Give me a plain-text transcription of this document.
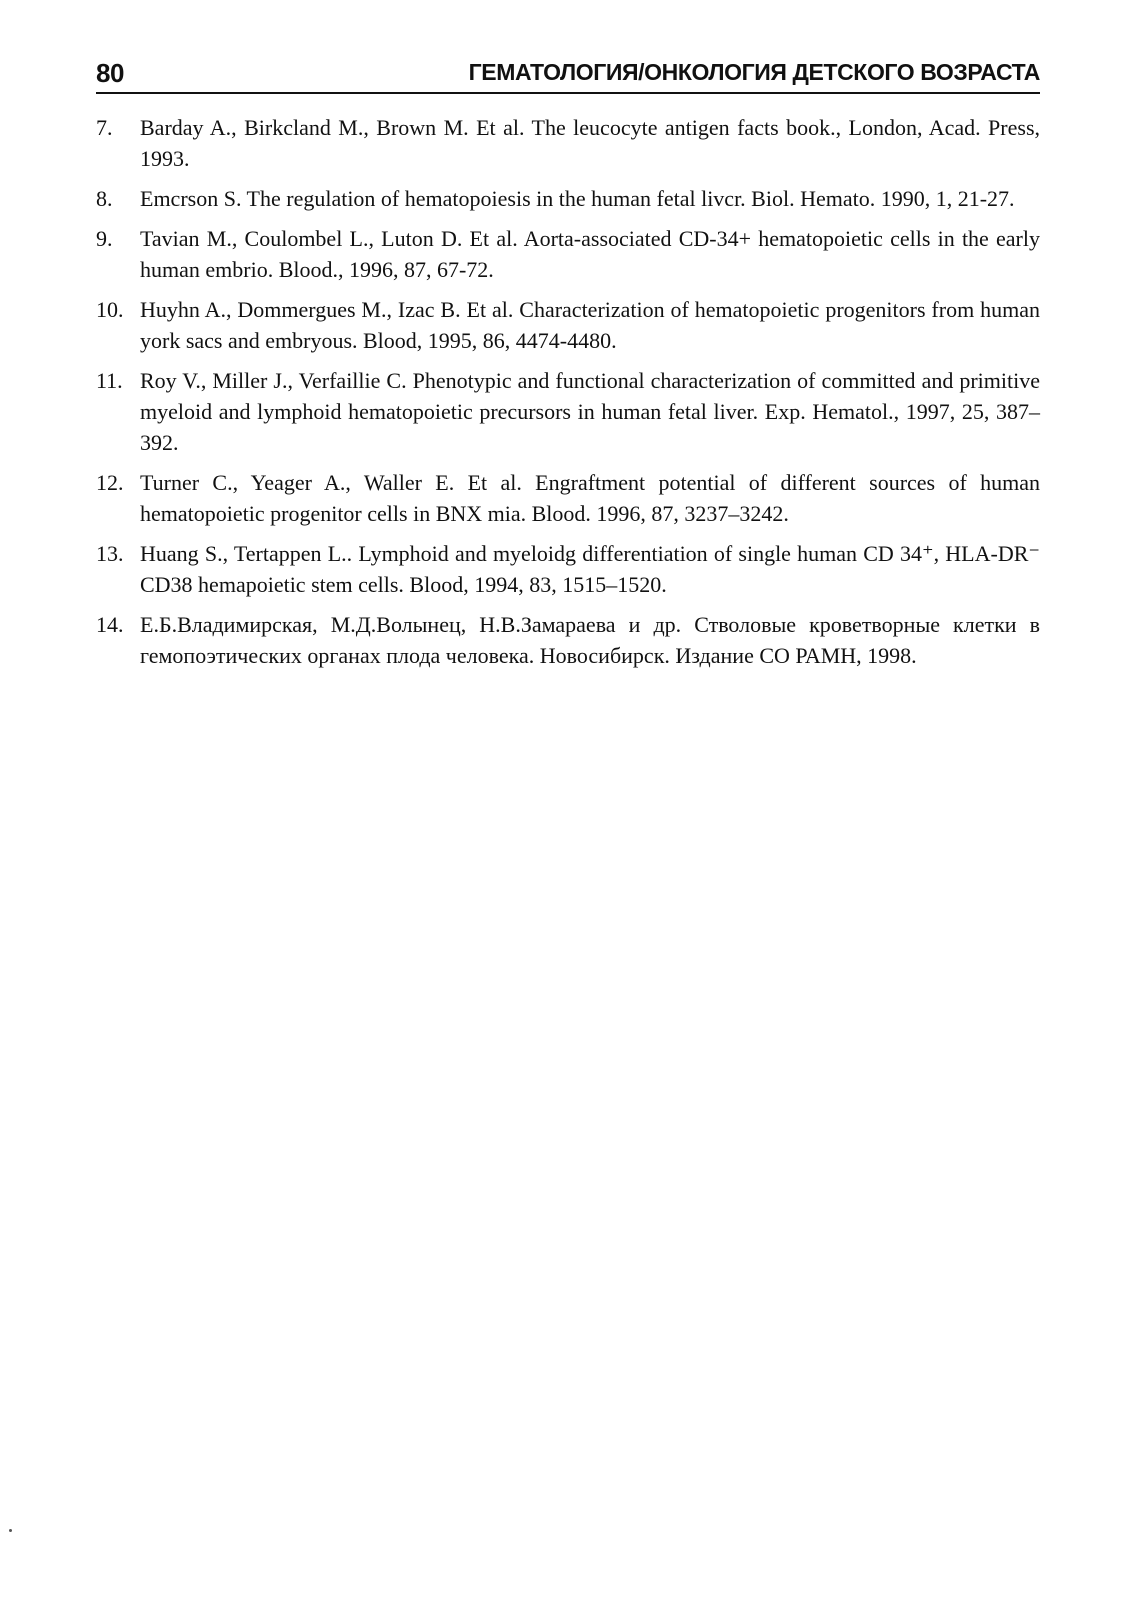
80	ГЕМАТОЛОГИЯ/ОНКОЛОГИЯ ДЕТСКОГО ВОЗРАСТА
7.	Barday A., Birkcland M., Brown M. Et al. The leucocyte antigen facts book., London, Acad. Press, 1993.
8.	Emcrson S. The regulation of hematopoiesis in the human fetal livcr. Biol. Hemato. 1990, 1, 21-27.
9.	Tavian M., Coulombel L., Luton D. Et al. Aorta-associated CD-34+ hematopoietic cells in the early human embrio. Blood., 1996, 87, 67-72.
10. Huyhn A., Dommergues M., Izac B. Et al. Characterization of hematopoietic progenitors from human york sacs and embryous. Blood, 1995, 86, 4474-4480.
11. Roy V., Miller J., Verfaillie C. Phenotypic and functional characterization of committed and primitive myeloid and lymphoid hematopoietic precursors in human fetal liver. Exp. Hematol., 1997, 25, 387–392.
12. Turner C., Yeager A., Waller E. Et al. Engraftment potential of different sources of human hematopoietic progenitor cells in BNX mia. Blood. 1996, 87, 3237–3242.
13. Huang S., Tertappen L.. Lymphoid and myeloidg differentiation of single human CD 34⁺, HLA-DR⁻ CD38 hemapoietic stem cells. Blood, 1994, 83, 1515–1520.
14. Е.Б.Владимирская, М.Д.Волынец, Н.В.Замараева и др. Стволовые кроветворные клетки в гемопоэтических органах плода человека. Новосибирск. Издание СО РАМН, 1998.
